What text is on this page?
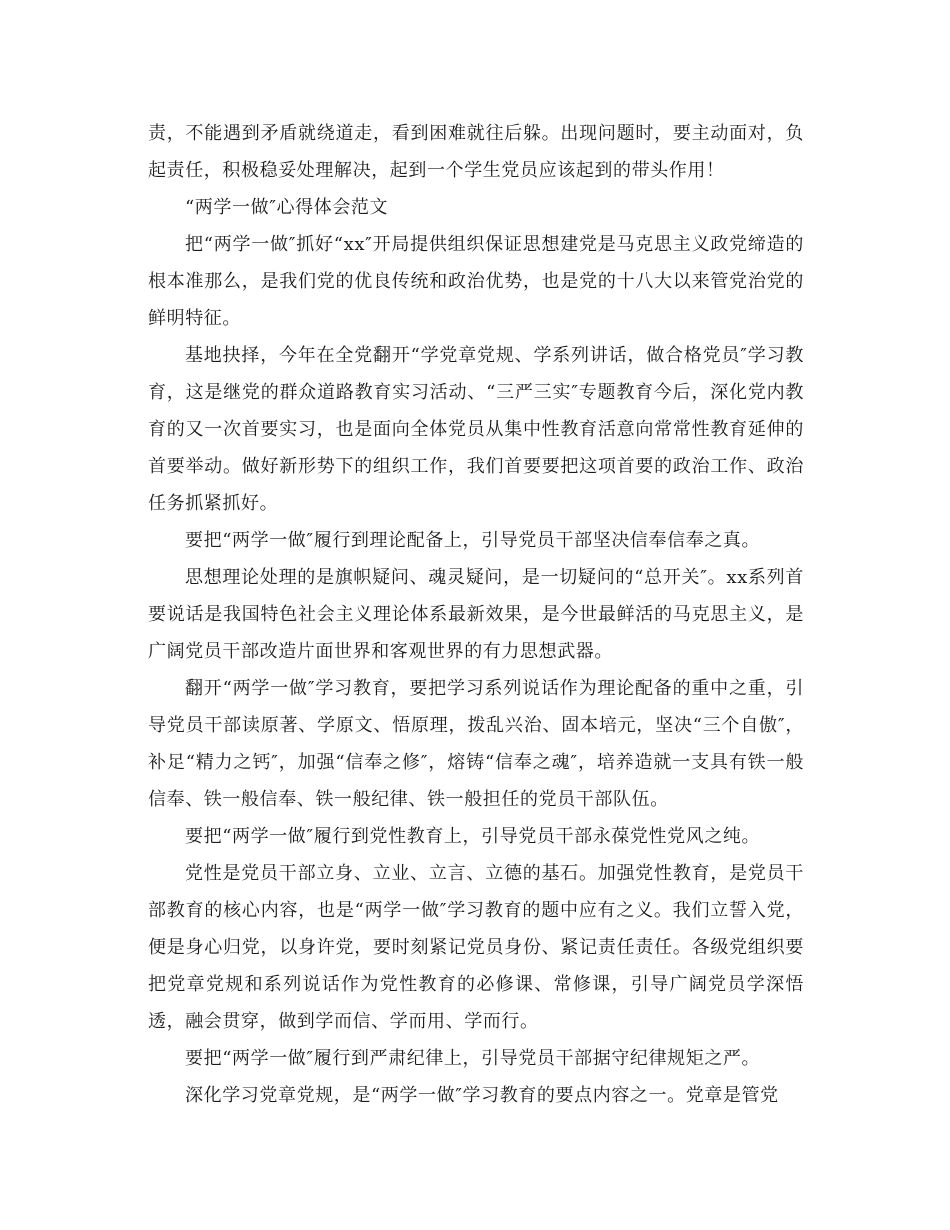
责，不能遇到矛盾就绕道走，看到困难就往后躲。出现问题时，要主动面对，负起责任，积极稳妥处理解决，起到一个学生党员应该起到的带头作用！

“两学一做″心得体会范文

把“两学一做″抓好“xx″开局提供组织保证思想建党是马克思主义政党缔造的根本准那么，是我们党的优良传统和政治优势，也是党的十八大以来管党治党的鲜明特征。

基地抉择，今年在全党翻开“学党章党规、学系列讲话，做合格党员″学习教育，这是继党的群众道路教育实习活动、“三严三实″专题教育今后，深化党内教育的又一次首要实习，也是面向全体党员从集中性教育活意向常常性教育延伸的首要举动。做好新形势下的组织工作，我们首要要把这项首要的政治工作、政治任务抓紧抓好。

要把“两学一做″履行到理论配备上，引导党员干部坚决信奉信奉之真。

思想理论处理的是旗帜疑问、魂灵疑问，是一切疑问的“总开关″。xx系列首要说话是我国特色社会主义理论体系最新效果，是今世最鲜活的马克思主义，是广阔党员干部改造片面世界和客观世界的有力思想武器。

翻开“两学一做″学习教育，要把学习系列说话作为理论配备的重中之重，引导党员干部读原著、学原文、悟原理，拨乱兴治、固本培元，坚决“三个自傲″，补足“精力之钙″，加强“信奉之修″，熔铸“信奉之魂″，培养造就一支具有铁一般信奉、铁一般信奉、铁一般纪律、铁一般担任的党员干部队伍。

要把“两学一做″履行到党性教育上，引导党员干部永葆党性党风之纯。

党性是党员干部立身、立业、立言、立德的基石。加强党性教育，是党员干部教育的核心内容，也是“两学一做″学习教育的题中应有之义。我们立誓入党，便是身心归党，以身许党，要时刻紧记党员身份、紧记责任责任。各级党组织要把党章党规和系列说话作为党性教育的必修课、常修课，引导广阔党员学深悟透，融会贯穿，做到学而信、学而用、学而行。

要把“两学一做″履行到严肃纪律上，引导党员干部据守纪律规矩之严。

深化学习党章党规，是“两学一做″学习教育的要点内容之一。党章是管党
